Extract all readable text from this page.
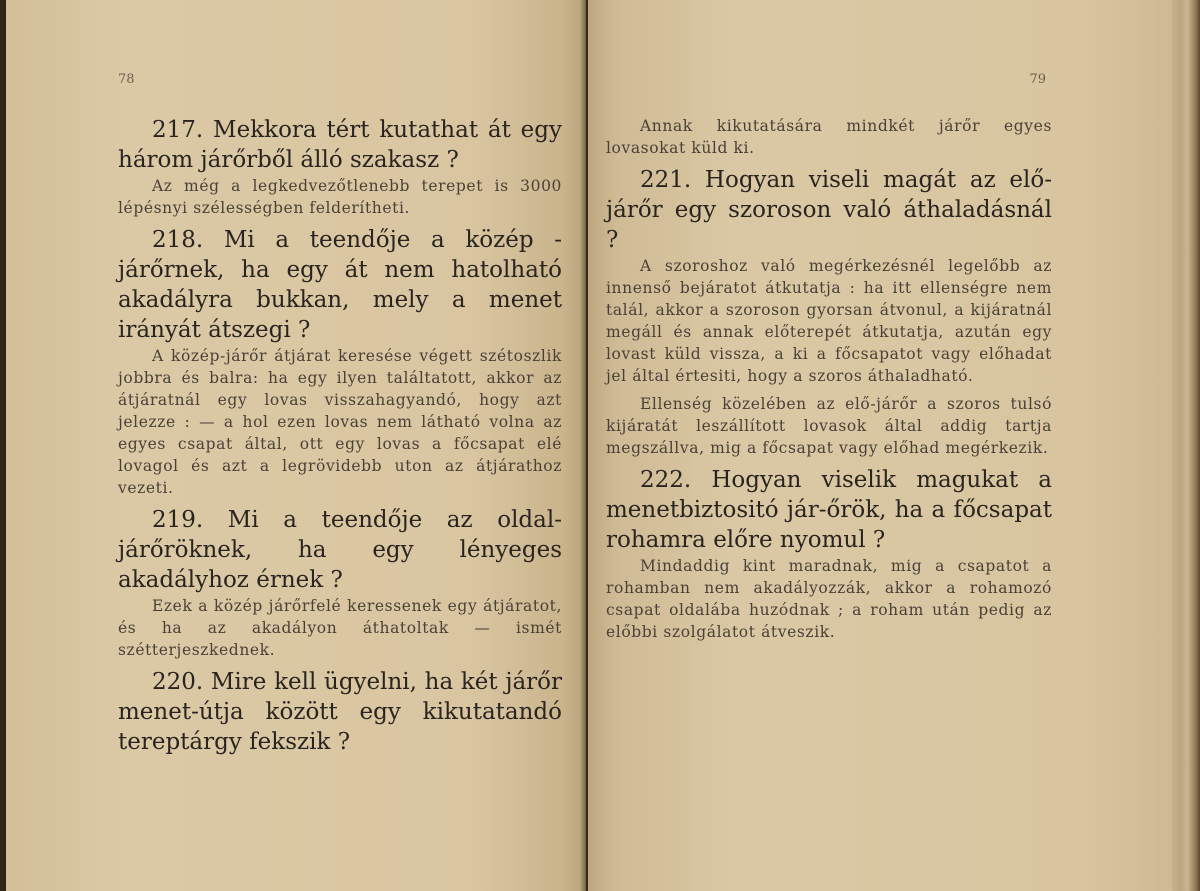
78

217. Mekkora tért kutathat át egy három járőrből álló szakasz ?

Az még a legkedvezőtlenebb terepet is 3000 lépésnyi szélességben felderítheti.

218. Mi a teendője a közép -járőrnek, ha egy át nem hatolható akadályra bukkan, mely a menet irányát átszegi ?

A közép-járőr átjárat keresése végett szétoszlik jobbra és balra: ha egy ilyen találtatott, akkor az átjáratnál egy lovas visszahagyandó, hogy azt jelezze : — a hol ezen lovas nem látható volna az egyes csapat által, ott egy lovas a főcsapat elé lovagol és azt a legrövidebb uton az átjárathoz vezeti.

219. Mi a teendője az oldal-járőröknek, ha egy lényeges akadályhoz érnek ?

Ezek a közép járőrfelé keressenek egy átjáratot, és ha az akadályon áthatoltak — ismét szétterjeszkednek.

220. Mire kell ügyelni, ha két járőr menet-útja között egy kikutatandó tereptárgy fekszik ?

79

Annak kikutatására mindkét járőr egyes lovasokat küld ki.

221. Hogyan viseli magát az elő-járőr egy szoroson való áthaladásnál ?

A szoroshoz való megérkezésnél legelőbb az innenső bejáratot átkutatja : ha itt ellenségre nem talál, akkor a szoroson gyorsan átvonul, a kijáratnál megáll és annak előterepét átkutatja, azután egy lovast küld vissza, a ki a főcsapatot vagy előhadat jel által értesiti, hogy a szoros áthaladható.

Ellenség közelében az elő-járőr a szoros tulsó kijáratát leszállított lovasok által addig tartja megszállva, mig a főcsapat vagy előhad megérkezik.

222. Hogyan viselik magukat a menetbiztositó jár-őrök, ha a főcsapat rohamra előre nyomul ?

Mindaddig kint maradnak, mig a csapatot a rohamban nem akadályozzák, akkor a rohamozó csapat oldalába huzódnak ; a roham után pedig az előbbi szolgálatot átveszik.
